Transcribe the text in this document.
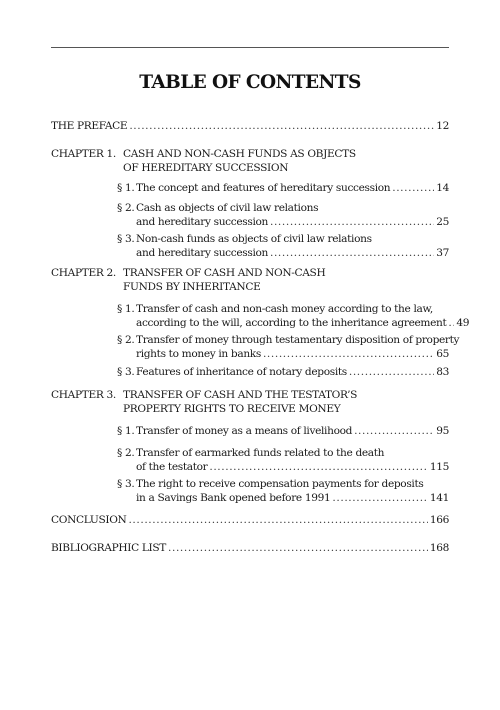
TABLE OF CONTENTS
THE PREFACE .....	12
CHAPTER 1. CASH AND NON-CASH FUNDS AS OBJECTS
OF HEREDITARY SUCCESSION
§ 1. The concept and features of hereditary succession .....	14
§ 2. Cash as objects of civil law relations
and hereditary succession .....	25
§ 3. Non-cash funds as objects of civil law relations
and hereditary succession .....	37
CHAPTER 2. TRANSFER OF CASH AND NON-CASH
FUNDS BY INHERITANCE
§ 1. Transfer of cash and non-cash money according to the law,
according to the will, according to the inheritance agreement ..... 49
§ 2. Transfer of money through testamentary disposition of property
rights to money in banks .....	65
§ 3. Features of inheritance of notary deposits .....	83
CHAPTER 3. TRANSFER OF CASH AND THE TESTATOR’S
PROPERTY RIGHTS TO RECEIVE MONEY
§ 1. Transfer of money as a means of livelihood .....	95
§ 2. Transfer of earmarked funds related to the death
of the testator .....	115
§ 3. The right to receive compensation payments for deposits
in a Savings Bank opened before 1991 .....	141
CONCLUSION .....	166
BIBLIOGRAPHIC LIST .....	168
